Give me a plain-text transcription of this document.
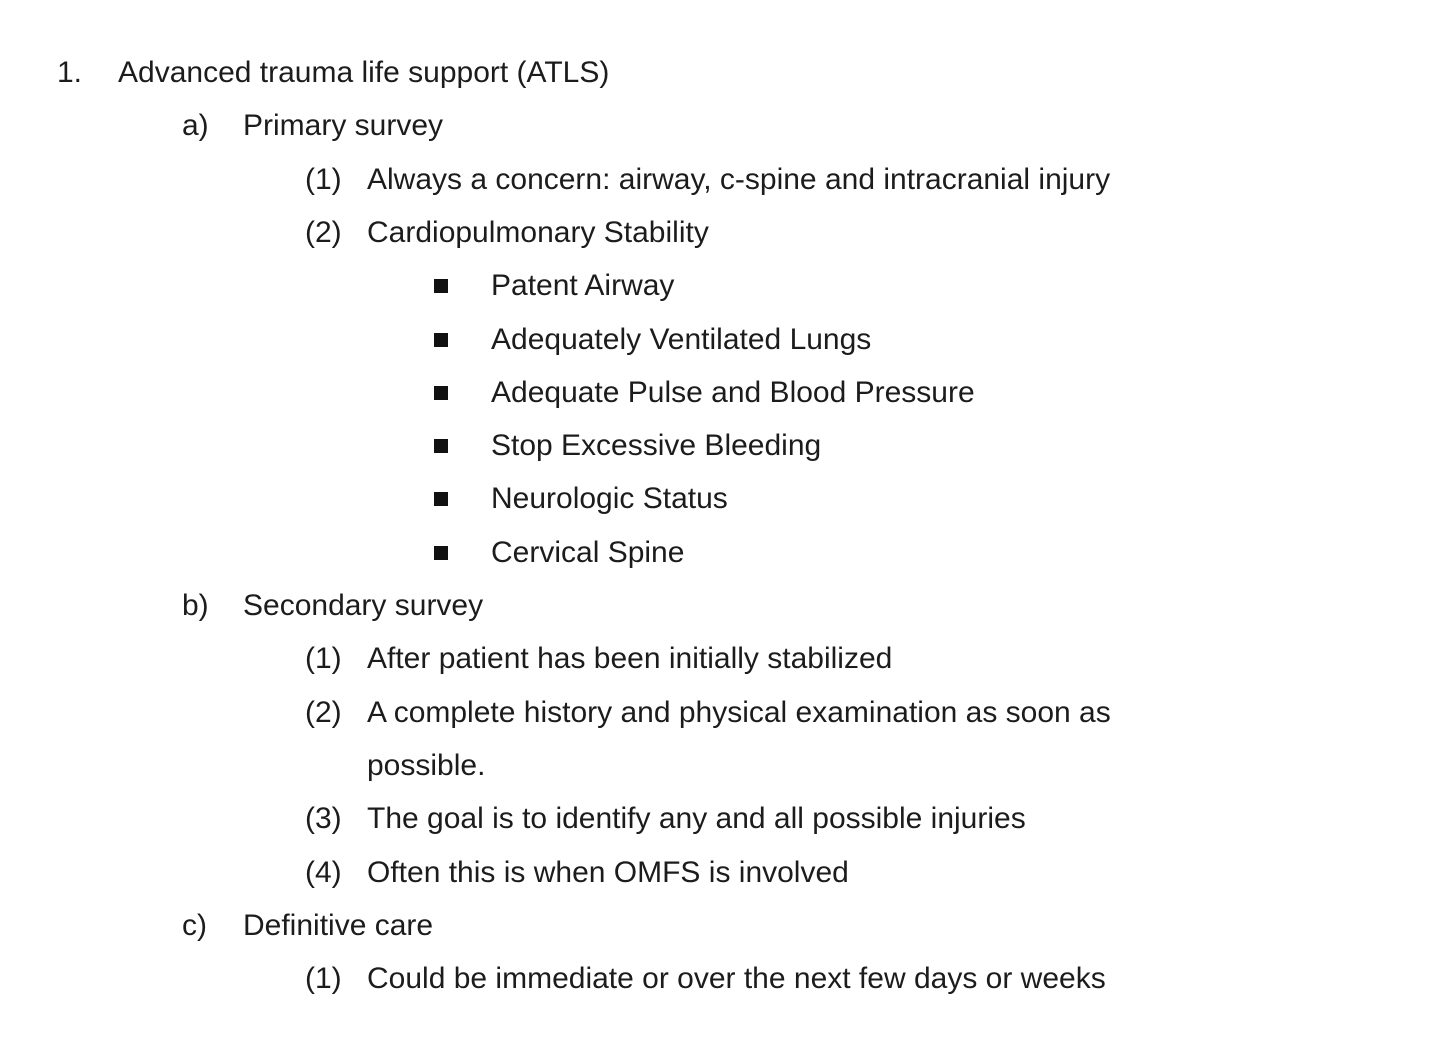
1. Advanced trauma life support (ATLS)
a) Primary survey
(1) Always a concern: airway, c-spine and intracranial injury
(2) Cardiopulmonary Stability
Patent Airway
Adequately Ventilated Lungs
Adequate Pulse and Blood Pressure
Stop Excessive Bleeding
Neurologic Status
Cervical Spine
b) Secondary survey
(1) After patient has been initially stabilized
(2) A complete history and physical examination as soon as
possible.
(3) The goal is to identify any and all possible injuries
(4) Often this is when OMFS is involved
c) Definitive care
(1) Could be immediate or over the next few days or weeks
